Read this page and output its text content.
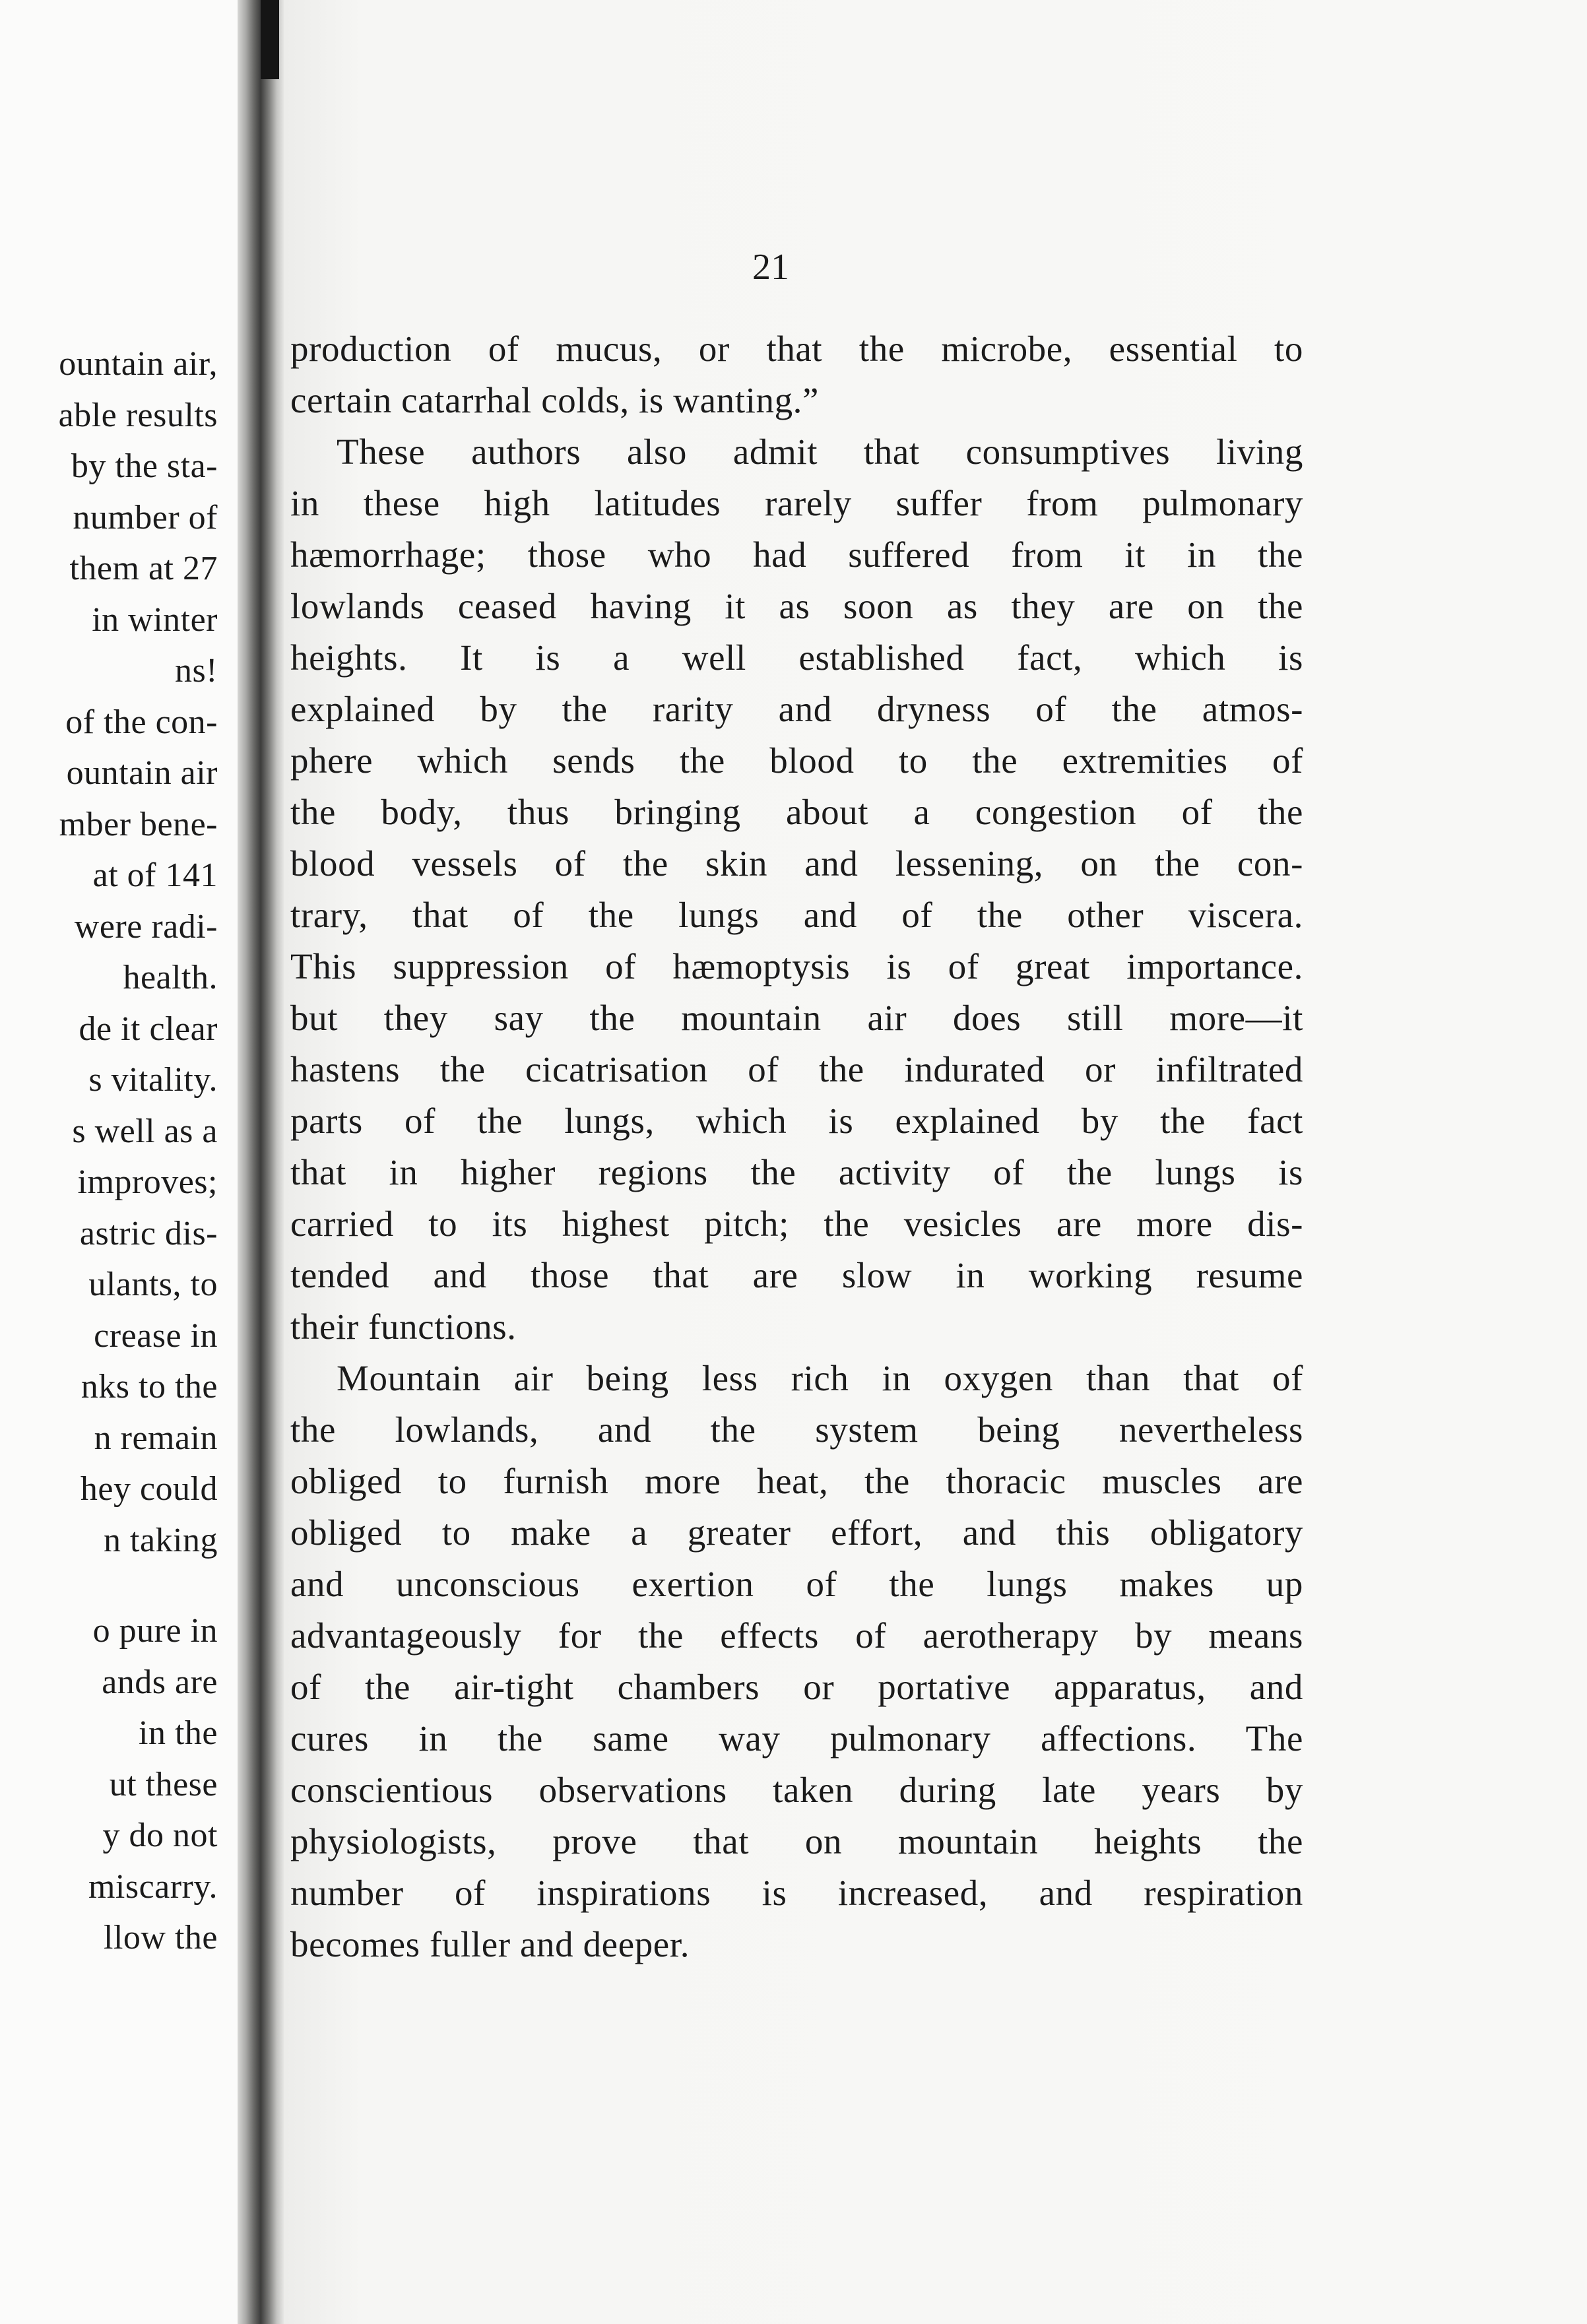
ountain air,
able results
by the sta-
number of
them at 27
in winter
ns!
of the con-
ountain air
mber bene-
at of 141
were radi-
health.
de it clear
s vitality.
s well as a
improves;
astric dis-
ulants, to
crease in
nks to the
n remain
hey could
n taking
o pure in
ands are
in the
ut these
y do not
miscarry.
llow the
21
production of mucus, or that the microbe, essential to
certain catarrhal colds, is wanting.”
These authors also admit that consumptives living
in these high latitudes rarely suffer from pulmonary
hæmorrhage; those who had suffered from it in the
lowlands ceased having it as soon as they are on the
heights. It is a well established fact, which is
explained by the rarity and dryness of the atmos-
phere which sends the blood to the extremities of
the body, thus bringing about a congestion of the
blood vessels of the skin and lessening, on the con-
trary, that of the lungs and of the other viscera.
This suppression of hæmoptysis is of great importance.
but they say the mountain air does still more—it
hastens the cicatrisation of the indurated or infiltrated
parts of the lungs, which is explained by the fact
that in higher regions the activity of the lungs is
carried to its highest pitch; the vesicles are more dis-
tended and those that are slow in working resume
their functions.
Mountain air being less rich in oxygen than that of
the lowlands, and the system being nevertheless
obliged to furnish more heat, the thoracic muscles are
obliged to make a greater effort, and this obligatory
and unconscious exertion of the lungs makes up
advantageously for the effects of aerotherapy by means
of the air-tight chambers or portative apparatus, and
cures in the same way pulmonary affections. The
conscientious observations taken during late years by
physiologists, prove that on mountain heights the
number of inspirations is increased, and respiration
becomes fuller and deeper.
